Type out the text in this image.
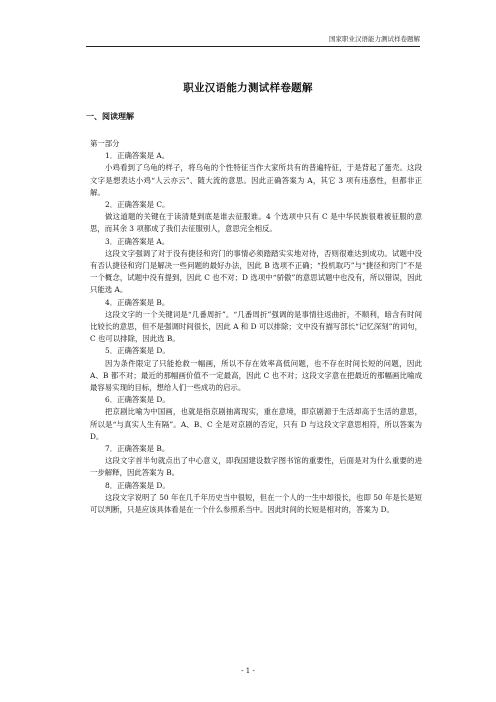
国家职业汉语能力测试样卷题解
职业汉语能力测试样卷题解
一、阅读理解

第一部分

1．正确答案是 A。

小鸡看到了乌龟的样子，将乌龟的个性特征当作大家所共有的普遍特征，于是背起了蛋壳。这段文字是想表达小鸡“人云亦云”、随大流的意思。因此正确答案为 A，其它 3 项有违惑性，但都非正解。

2．正确答案是 C。

做这道题的关键在于读清楚到底是谁去征服谁。4 个选项中只有 C 是中华民族很难被征服的意思，而其余 3 项都成了我们去征服别人，意思完全相反。

3．正确答案是 A。

这段文字强调了对于没有捷径和窍门的事情必须踏踏实实地对待，否则很难达到成功。试题中没有否认捷径和窍门是解决一些问题的最好办法，因此 B 选项不正确；“投机取巧”与“捷径和窍门”不是一个概念，试题中没有提到，因此 C 也不对；D 选项中“骄傲”的意思试题中也没有，所以错误，因此只能选 A。

4．正确答案是 B。

这段文字的一个关键词是“几番周折”。“几番周折”强调的是事情往返曲折，不顺利，暗含有时间比较长的意思，但不是强调时间很长，因此 A 和 D 可以排除；文中没有描写部长“记忆深刻”的词句，C 也可以排除，因此选 B。

5．正确答案是 D。

因为条件限定了只能抢救一幅画，所以不存在效率高低问题，也不存在时间长短的问题，因此 A、B 都不对；最近的那幅画价值不一定最高，因此 C 也不对；这段文字意在把最近的那幅画比喻成最容易实现的目标，想给人们一些成功的启示。

6．正确答案是 D。

把京剧比喻为中国画，也就是指京剧抽离现实，重在意境，即京剧源于生活却高于生活的意思，所以是“与真实人生有隔”。A、B、C 全是对京剧的否定，只有 D 与这段文字意思相符，所以答案为 D。

7．正确答案是 B。

这段文字首半句就点出了中心意义，即我国建设数字图书馆的重要性，后面是对为什么重要的进一步解释，因此答案为 B。

8．正确答案是 D。

这段文字说明了 50 年在几千年历史当中很短，但在一个人的一生中却很长，也即 50 年是长是短可以判断，只是应该具体看是在一个什么参照系当中。因此时间的长短是相对的，答案为 D。

- 1 -
